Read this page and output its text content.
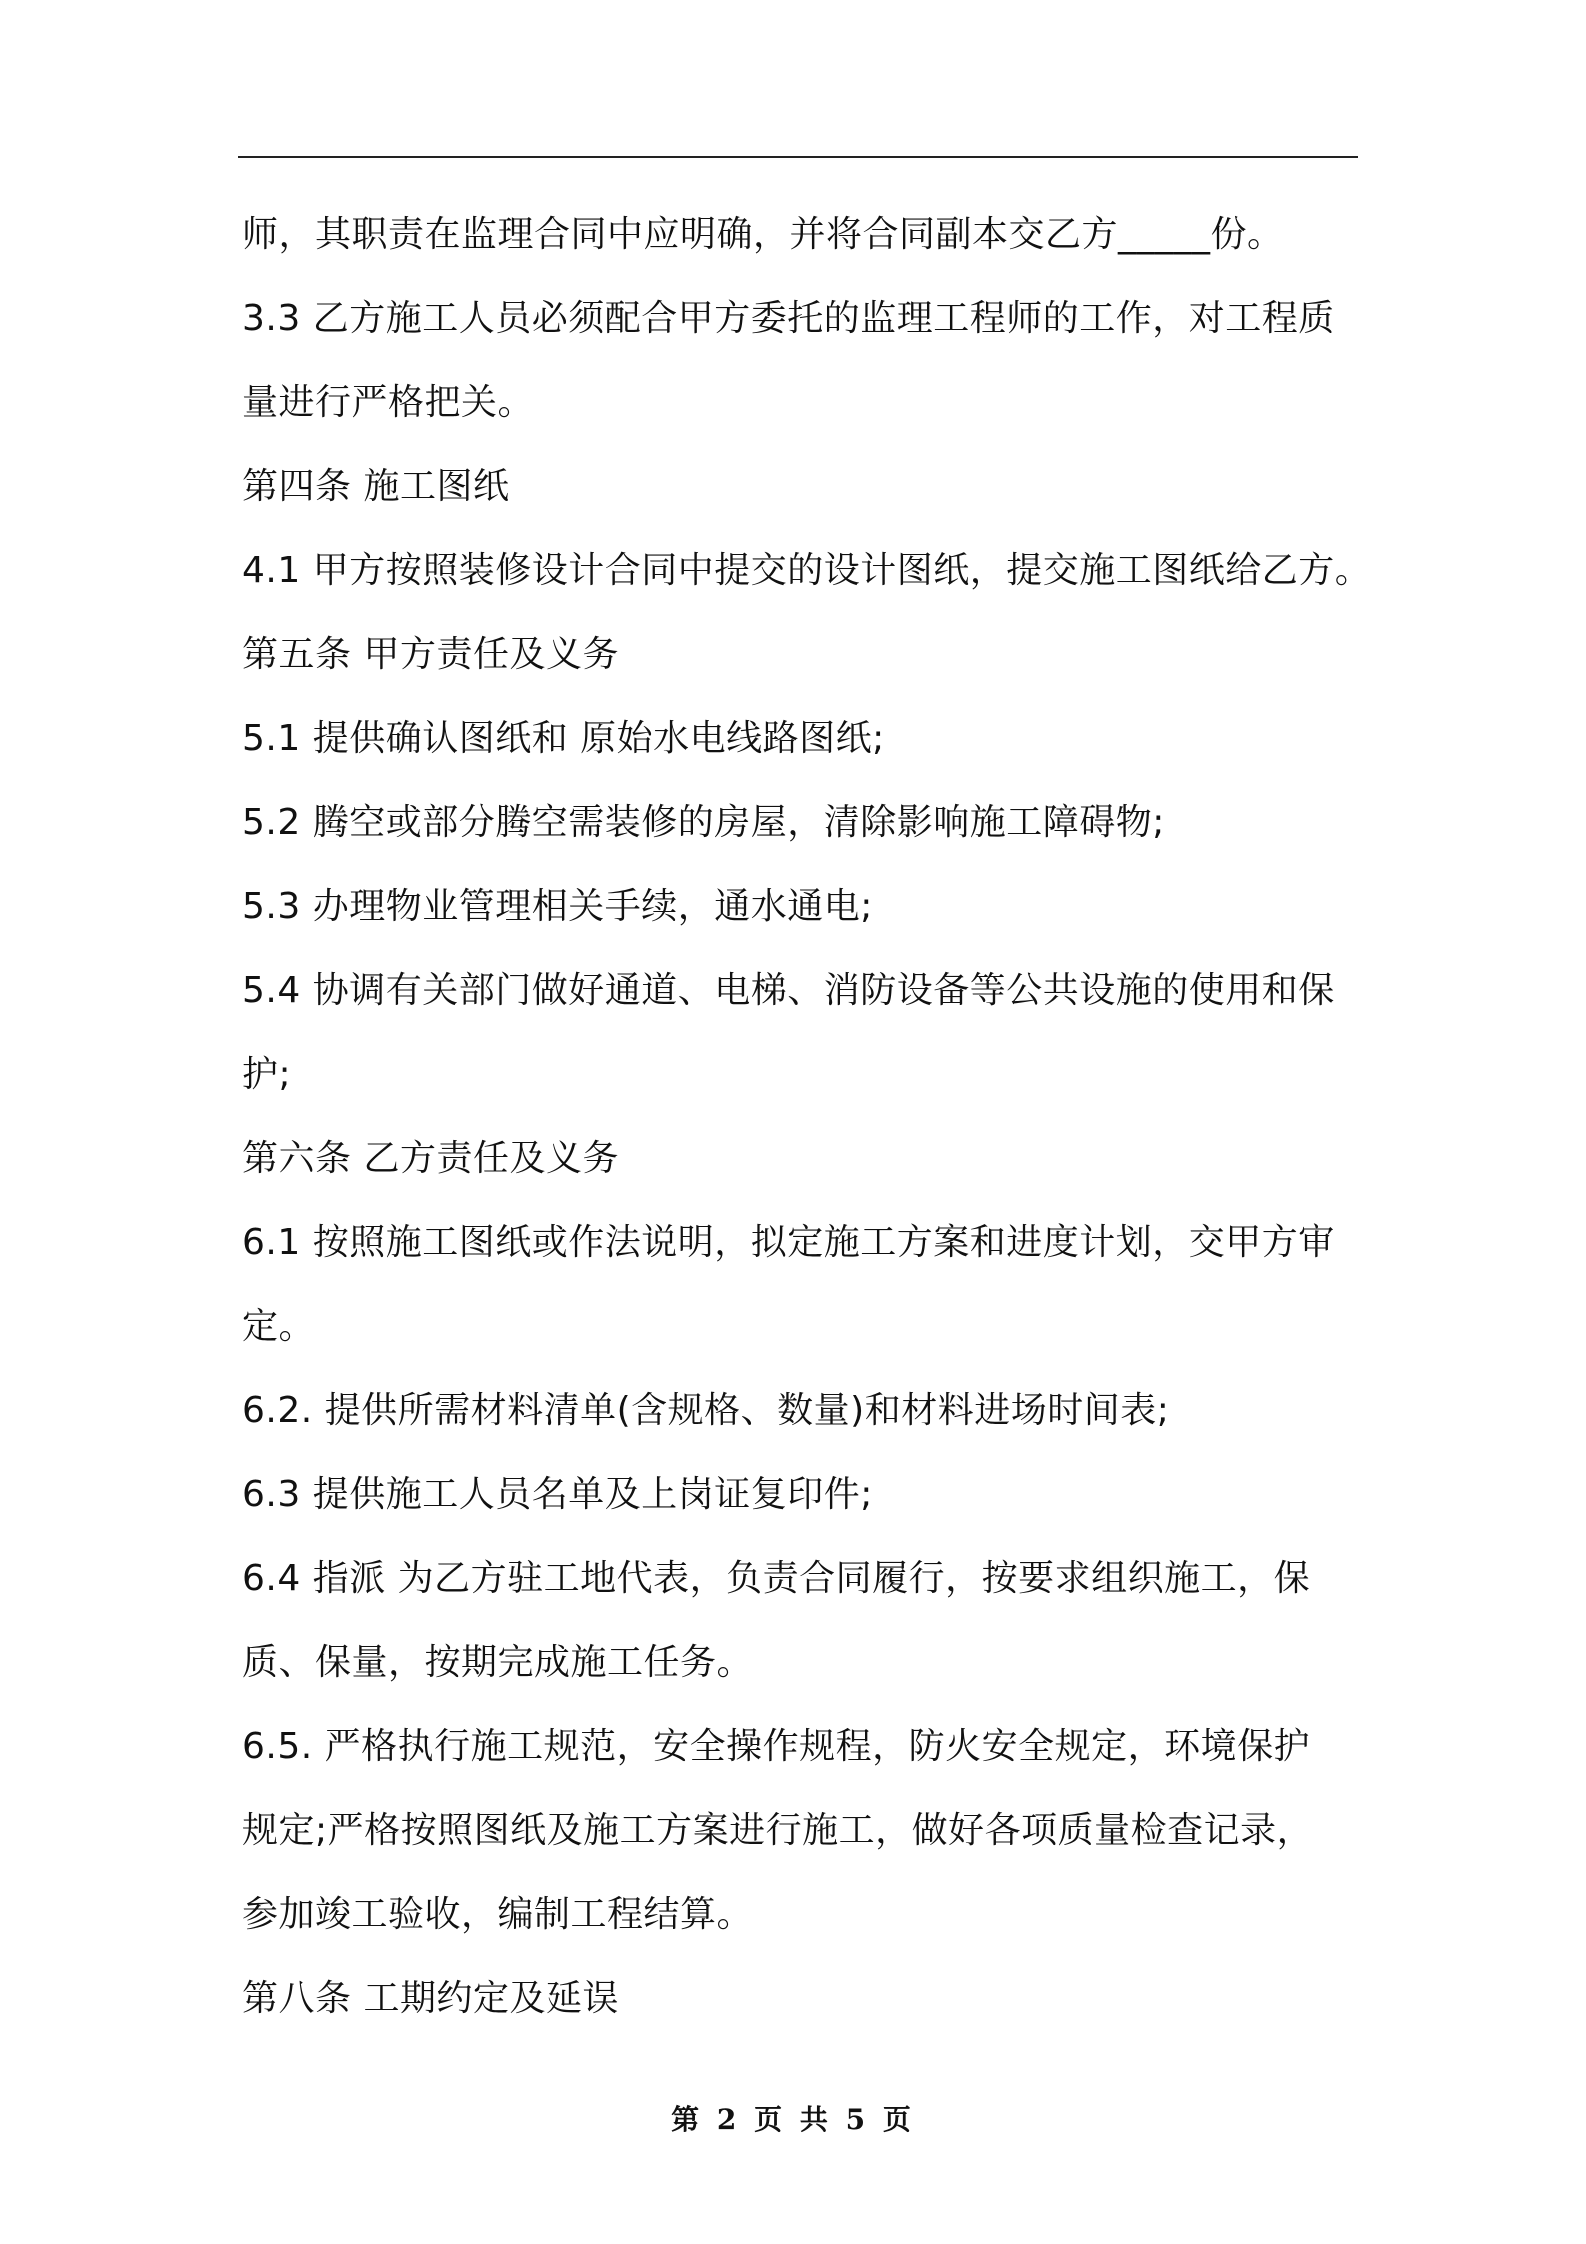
师，其职责在监理合同中应明确，并将合同副本交乙方_____份。
3.3 乙方施工人员必须配合甲方委托的监理工程师的工作，对工程质
量进行严格把关。
第四条 施工图纸
4.1 甲方按照装修设计合同中提交的设计图纸，提交施工图纸给乙方。
第五条 甲方责任及义务
5.1 提供确认图纸和 原始水电线路图纸;
5.2 腾空或部分腾空需装修的房屋，清除影响施工障碍物;
5.3 办理物业管理相关手续，通水通电;
5.4 协调有关部门做好通道、电梯、消防设备等公共设施的使用和保
护;
第六条 乙方责任及义务
6.1 按照施工图纸或作法说明，拟定施工方案和进度计划，交甲方审
定。
6.2. 提供所需材料清单(含规格、数量)和材料进场时间表;
6.3 提供施工人员名单及上岗证复印件;
6.4 指派 为乙方驻工地代表，负责合同履行，按要求组织施工，保
质、保量，按期完成施工任务。
6.5. 严格执行施工规范，安全操作规程，防火安全规定，环境保护
规定;严格按照图纸及施工方案进行施工，做好各项质量检查记录，
参加竣工验收，编制工程结算。
第八条 工期约定及延误
第 2 页 共 5 页
